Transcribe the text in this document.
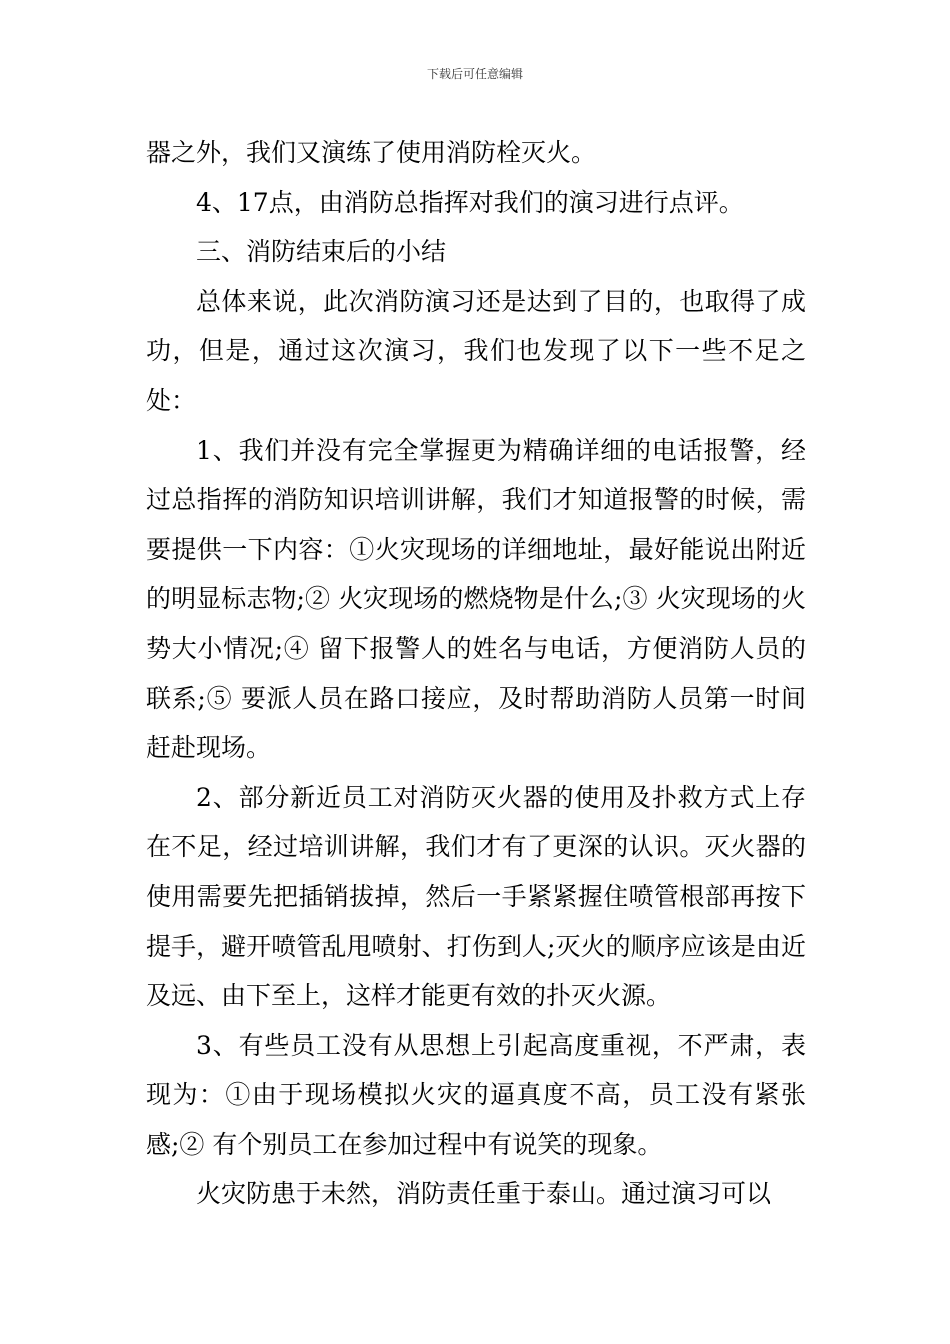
下载后可任意编辑

器之外，我们又演练了使用消防栓灭火。

4、17点，由消防总指挥对我们的演习进行点评。

三、消防结束后的小结

总体来说，此次消防演习还是达到了目的，也取得了成功，但是，通过这次演习，我们也发现了以下一些不足之处：

1、我们并没有完全掌握更为精确详细的电话报警，经过总指挥的消防知识培训讲解，我们才知道报警的时候，需要提供一下内容：①火灾现场的详细地址，最好能说出附近的明显标志物;② 火灾现场的燃烧物是什么;③ 火灾现场的火势大小情况;④ 留下报警人的姓名与电话，方便消防人员的联系;⑤ 要派人员在路口接应，及时帮助消防人员第一时间赶赴现场。

2、部分新近员工对消防灭火器的使用及扑救方式上存在不足，经过培训讲解，我们才有了更深的认识。灭火器的使用需要先把插销拔掉，然后一手紧紧握住喷管根部再按下提手，避开喷管乱甩喷射、打伤到人;灭火的顺序应该是由近及远、由下至上，这样才能更有效的扑灭火源。

3、有些员工没有从思想上引起高度重视，不严肃，表现为：①由于现场模拟火灾的逼真度不高，员工没有紧张感;② 有个别员工在参加过程中有说笑的现象。

火灾防患于未然，消防责任重于泰山。通过演习可以
